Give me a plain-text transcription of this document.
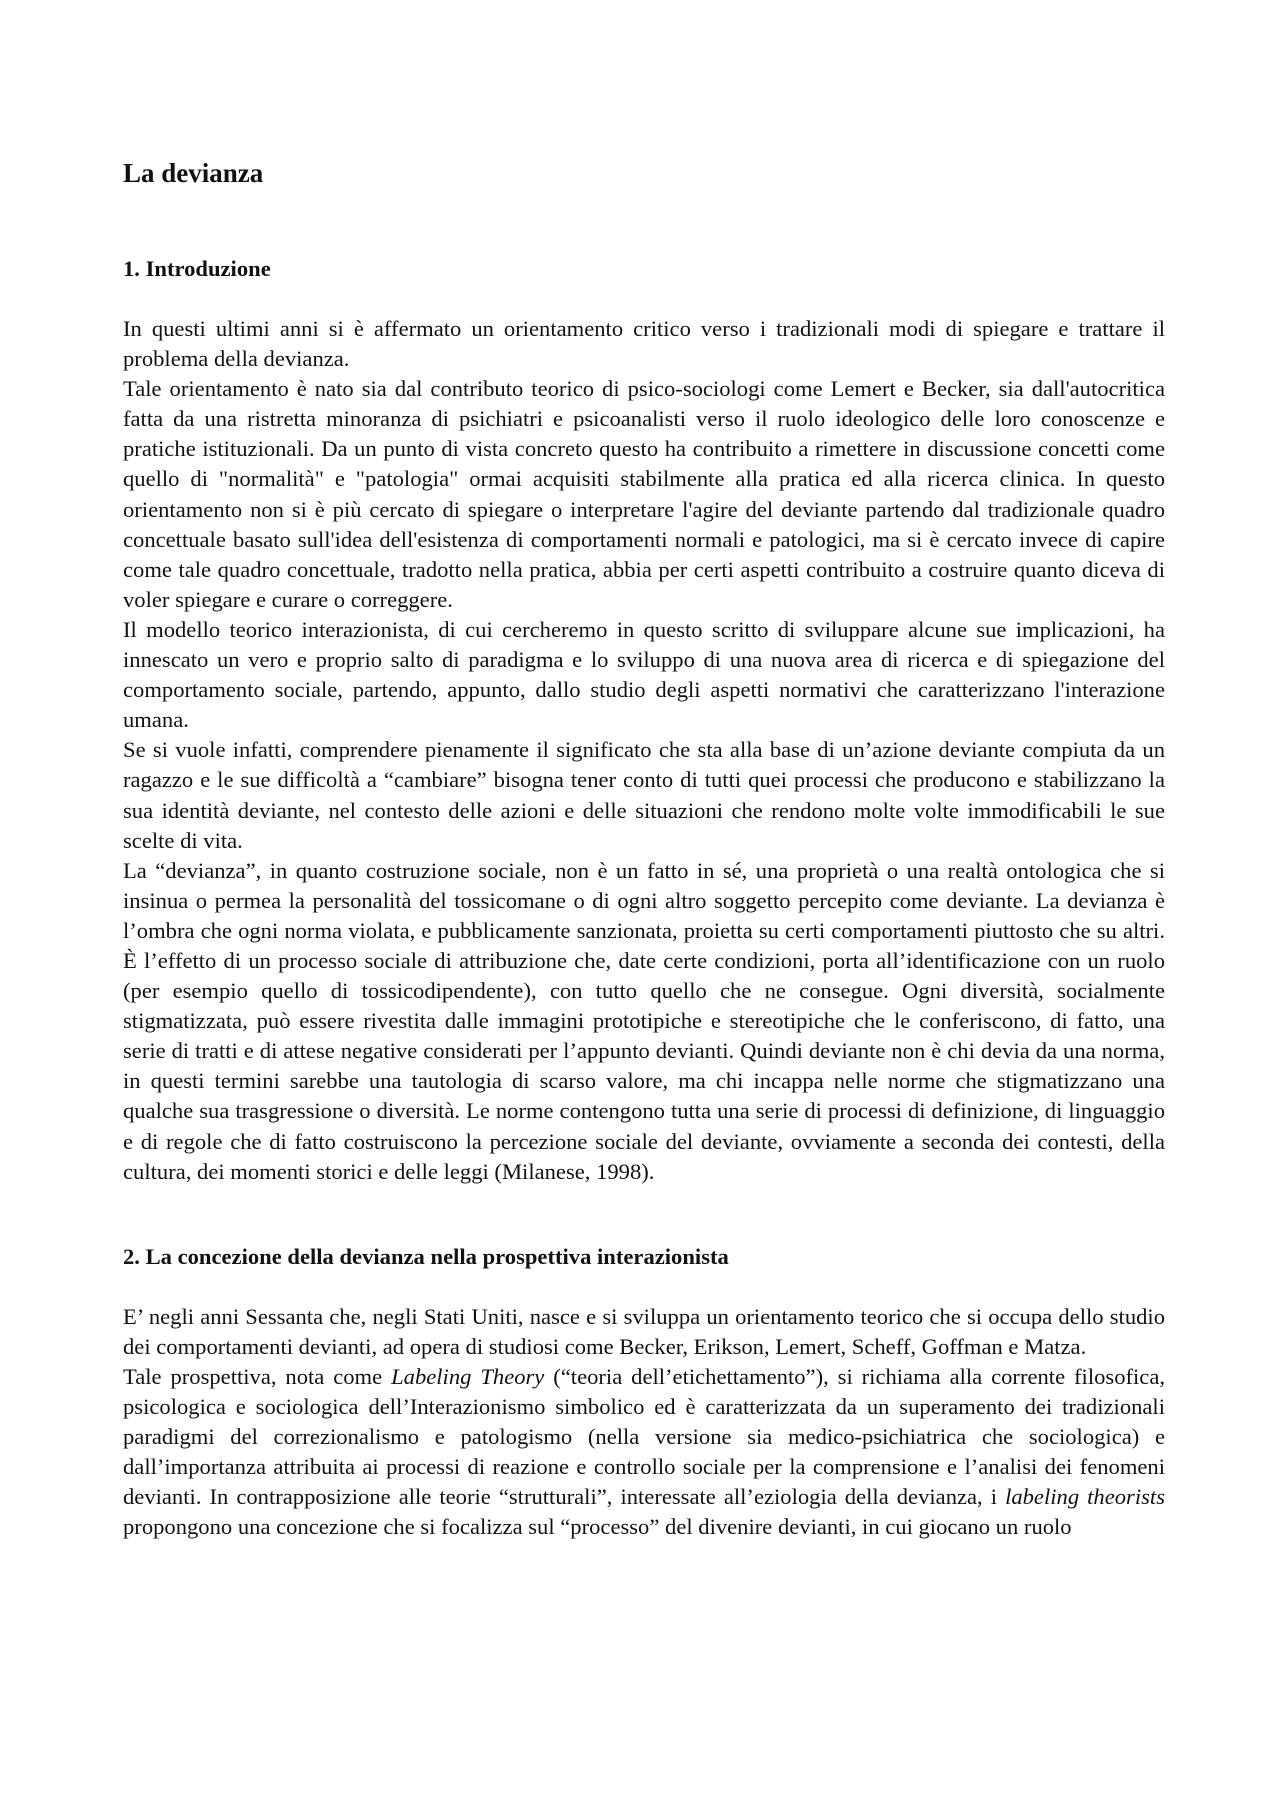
La devianza
1. Introduzione

In questi ultimi anni si è affermato un orientamento critico verso i tradizionali modi di spiegare e trattare il problema della devianza.

Tale orientamento è nato sia dal contributo teorico di psico-sociologi come Lemert e Becker, sia dall'autocritica fatta da una ristretta minoranza di psichiatri e psicoanalisti verso il ruolo ideologico delle loro conoscenze e pratiche istituzionali. Da un punto di vista concreto questo ha contribuito a rimettere in discussione concetti come quello di "normalità" e "patologia" ormai acquisiti stabilmente alla pratica ed alla ricerca clinica. In questo orientamento non si è più cercato di spiegare o interpretare l'agire del deviante partendo dal tradizionale quadro concettuale basato sull'idea dell'esistenza di comportamenti normali e patologici, ma si è cercato invece di capire come tale quadro concettuale, tradotto nella pratica, abbia per certi aspetti contribuito a costruire quanto diceva di voler spiegare e curare o correggere.

Il modello teorico interazionista, di cui cercheremo in questo scritto di sviluppare alcune sue implicazioni, ha innescato un vero e proprio salto di paradigma e lo sviluppo di una nuova area di ricerca e di spiegazione del comportamento sociale, partendo, appunto, dallo studio degli aspetti normativi che caratterizzano l'interazione umana.

Se si vuole infatti, comprendere pienamente il significato che sta alla base di un’azione deviante compiuta da un ragazzo e le sue difficoltà a “cambiare” bisogna tener conto di tutti quei processi che producono e stabilizzano la sua identità deviante, nel contesto delle azioni e delle situazioni che rendono molte volte immodificabili le sue scelte di vita.

La “devianza”, in quanto costruzione sociale, non è un fatto in sé, una proprietà o una realtà ontologica che si insinua o permea la personalità del tossicomane o di ogni altro soggetto percepito come deviante. La devianza è l’ombra che ogni norma violata, e pubblicamente sanzionata, proietta su certi comportamenti piuttosto che su altri. È l’effetto di un processo sociale di attribuzione che, date certe condizioni, porta all’identificazione con un ruolo (per esempio quello di tossicodipendente), con tutto quello che ne consegue. Ogni diversità, socialmente stigmatizzata, può essere rivestita dalle immagini prototipiche e stereotipiche che le conferiscono, di fatto, una serie di tratti e di attese negative considerati per l’appunto devianti. Quindi deviante non è chi devia da una norma, in questi termini sarebbe una tautologia di scarso valore, ma chi incappa nelle norme che stigmatizzano una qualche sua trasgressione o diversità. Le norme contengono tutta una serie di processi di definizione, di linguaggio e di regole che di fatto costruiscono la percezione sociale del deviante, ovviamente a seconda dei contesti, della cultura, dei momenti storici e delle leggi (Milanese, 1998).

2. La concezione della devianza nella prospettiva interazionista

E’ negli anni Sessanta che, negli Stati Uniti, nasce e si sviluppa un orientamento teorico che si occupa dello studio dei comportamenti devianti, ad opera di studiosi come Becker, Erikson, Lemert, Scheff, Goffman e Matza.

Tale prospettiva, nota come Labeling Theory (“teoria dell’etichettamento”), si richiama alla corrente filosofica, psicologica e sociologica dell’Interazionismo simbolico ed è caratterizzata da un superamento dei tradizionali paradigmi del correzionalismo e patologismo (nella versione sia medico-psichiatrica che sociologica) e dall’importanza attribuita ai processi di reazione e controllo sociale per la comprensione e l’analisi dei fenomeni devianti. In contrapposizione alle teorie “strutturali”, interessate all’eziologia della devianza, i labeling theorists propongono una concezione che si focalizza sul “processo” del divenire devianti, in cui giocano un ruolo
